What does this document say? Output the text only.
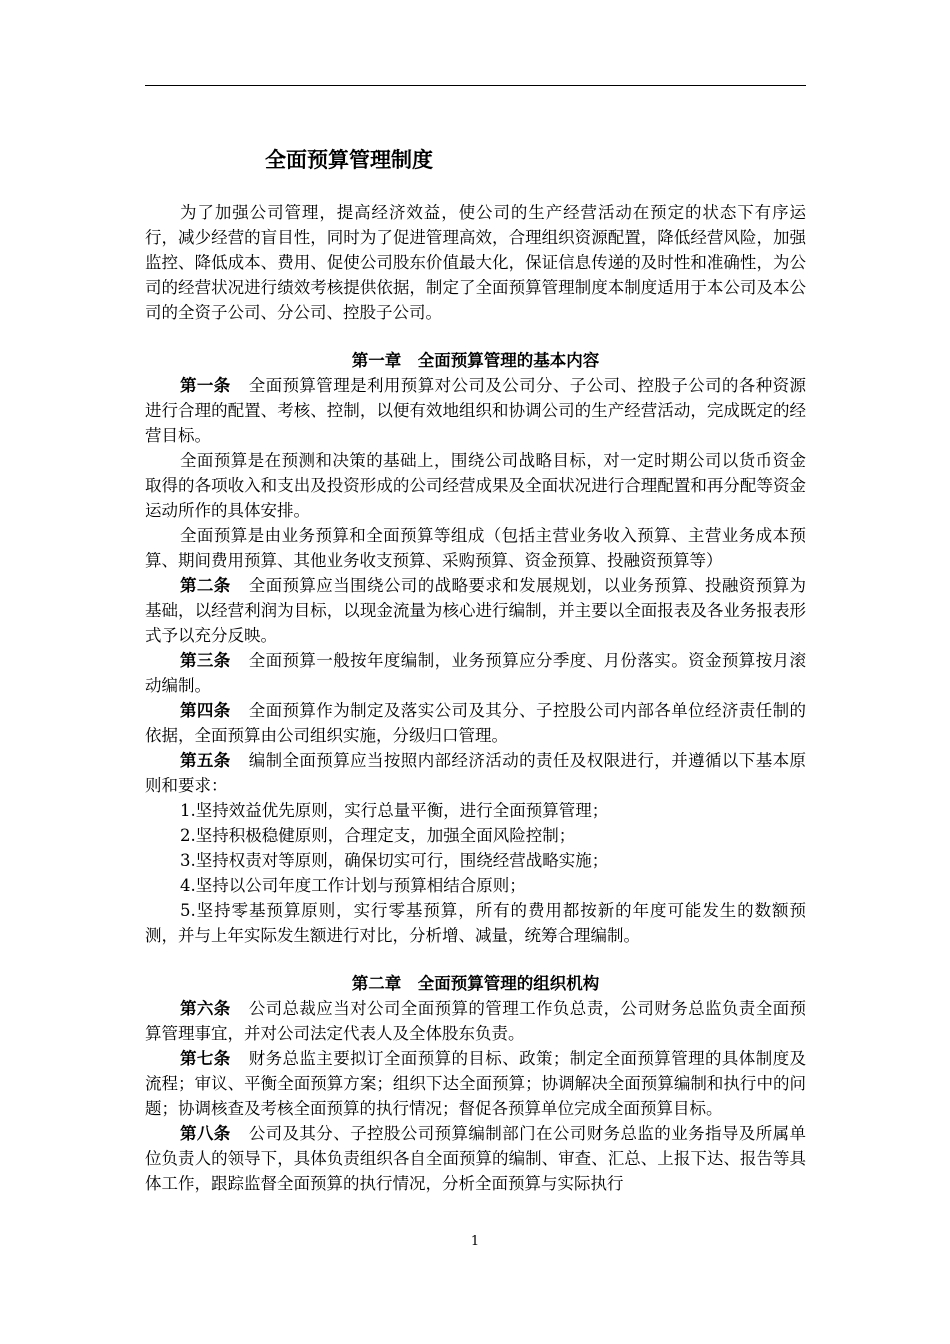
全面预算管理制度

为了加强公司管理，提高经济效益，使公司的生产经营活动在预定的状态下有序运行，减少经营的盲目性，同时为了促进管理高效，合理组织资源配置，降低经营风险，加强监控、降低成本、费用、促使公司股东价值最大化，保证信息传递的及时性和准确性，为公司的经营状况进行绩效考核提供依据，制定了全面预算管理制度本制度适用于本公司及本公司的全资子公司、分公司、控股子公司。

第一章　全面预算管理的基本内容

第一条 全面预算管理是利用预算对公司及公司分、子公司、控股子公司的各种资源进行合理的配置、考核、控制，以便有效地组织和协调公司的生产经营活动，完成既定的经营目标。

全面预算是在预测和决策的基础上，围绕公司战略目标，对一定时期公司以货币资金取得的各项收入和支出及投资形成的公司经营成果及全面状况进行合理配置和再分配等资金运动所作的具体安排。

全面预算是由业务预算和全面预算等组成（包括主营业务收入预算、主营业务成本预算、期间费用预算、其他业务收支预算、采购预算、资金预算、投融资预算等）

第二条 全面预算应当围绕公司的战略要求和发展规划，以业务预算、投融资预算为基础，以经营利润为目标，以现金流量为核心进行编制，并主要以全面报表及各业务报表形式予以充分反映。

第三条 全面预算一般按年度编制，业务预算应分季度、月份落实。资金预算按月滚动编制。

第四条 全面预算作为制定及落实公司及其分、子控股公司内部各单位经济责任制的依据，全面预算由公司组织实施，分级归口管理。

第五条 编制全面预算应当按照内部经济活动的责任及权限进行，并遵循以下基本原则和要求：

1.坚持效益优先原则，实行总量平衡，进行全面预算管理；

2.坚持积极稳健原则，合理定支，加强全面风险控制；

3.坚持权责对等原则，确保切实可行，围绕经营战略实施；

4.坚持以公司年度工作计划与预算相结合原则；

5.坚持零基预算原则，实行零基预算，所有的费用都按新的年度可能发生的数额预测，并与上年实际发生额进行对比，分析增、减量，统筹合理编制。

第二章　全面预算管理的组织机构

第六条 公司总裁应当对公司全面预算的管理工作负总责，公司财务总监负责全面预算管理事宜，并对公司法定代表人及全体股东负责。

第七条 财务总监主要拟订全面预算的目标、政策；制定全面预算管理的具体制度及流程；审议、平衡全面预算方案；组织下达全面预算；协调解决全面预算编制和执行中的问题；协调核查及考核全面预算的执行情况；督促各预算单位完成全面预算目标。

第八条 公司及其分、子控股公司预算编制部门在公司财务总监的业务指导及所属单位负责人的领导下，具体负责组织各自全面预算的编制、审查、汇总、上报下达、报告等具体工作，跟踪监督全面预算的执行情况，分析全面预算与实际执行

1
